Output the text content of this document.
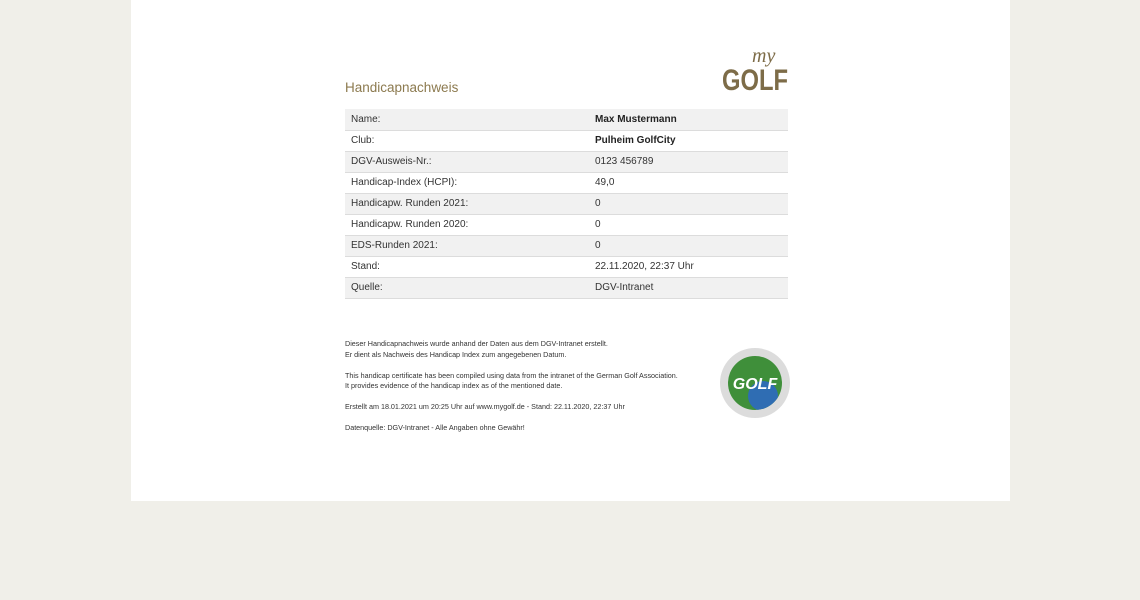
Handicapnachweis
my
GOLF
Name:	Max Mustermann
Club:	Pulheim GolfCity
DGV-Ausweis-Nr.:	0123 456789
Handicap-Index (HCPI):	49,0
Handicapw. Runden 2021:	0
Handicapw. Runden 2020:	0
EDS-Runden 2021:	0
Stand:	22.11.2020, 22:37 Uhr
Quelle:	DGV-Intranet

Dieser Handicapnachweis wurde anhand der Daten aus dem DGV-Intranet erstellt.
Er dient als Nachweis des Handicap Index zum angegebenen Datum.

This handicap certificate has been compiled using data from the intranet of the German Golf Association.
It provides evidence of the handicap index as of the mentioned date.

Erstellt am 18.01.2021 um 20:25 Uhr auf www.mygolf.de - Stand: 22.11.2020, 22:37 Uhr

Datenquelle: DGV-Intranet - Alle Angaben ohne Gewähr!

GOLF
